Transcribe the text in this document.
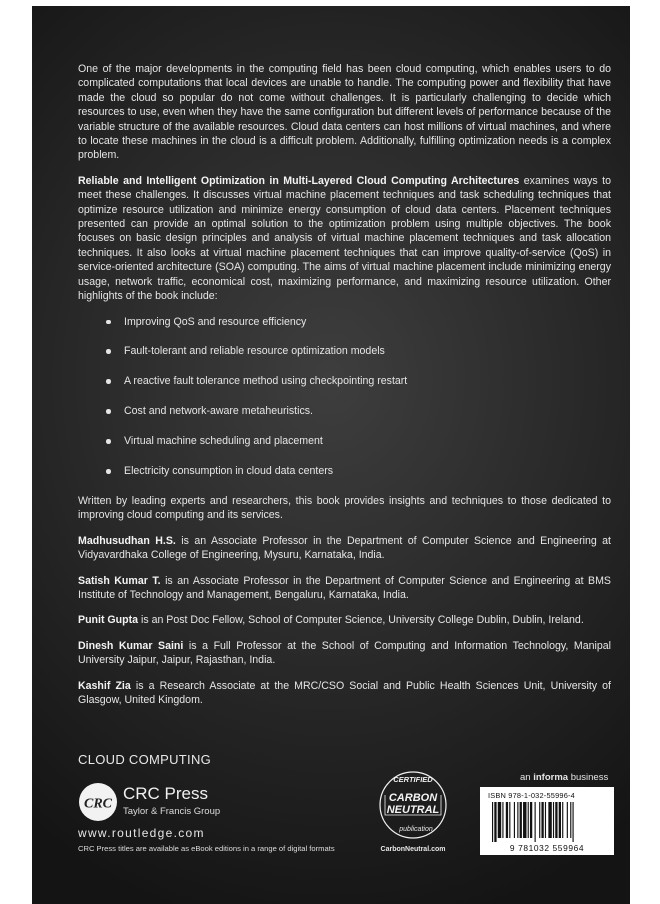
One of the major developments in the computing field has been cloud computing, which enables users to do complicated computations that local devices are unable to handle. The computing power and flexibility that have made the cloud so popular do not come without challenges. It is particularly challenging to decide which resources to use, even when they have the same configuration but different levels of performance because of the variable structure of the available resources. Cloud data centers can host millions of virtual machines, and where to locate these machines in the cloud is a difficult problem. Additionally, fulfilling optimization needs is a complex problem.

Reliable and Intelligent Optimization in Multi-Layered Cloud Computing Architectures examines ways to meet these challenges. It discusses virtual machine placement techniques and task scheduling techniques that optimize resource utilization and minimize energy consumption of cloud data centers. Placement techniques presented can provide an optimal solution to the optimization problem using multiple objectives. The book focuses on basic design principles and analysis of virtual machine placement techniques and task allocation techniques. It also looks at virtual machine placement techniques that can improve quality-of-service (QoS) in service-oriented architecture (SOA) computing. The aims of virtual machine placement include minimizing energy usage, network traffic, economical cost, maximizing performance, and maximizing resource utilization. Other highlights of the book include:

Improving QoS and resource efficiency
Fault-tolerant and reliable resource optimization models
A reactive fault tolerance method using checkpointing restart
Cost and network-aware metaheuristics.
Virtual machine scheduling and placement
Electricity consumption in cloud data centers

Written by leading experts and researchers, this book provides insights and techniques to those dedicated to improving cloud computing and its services.

Madhusudhan H.S. is an Associate Professor in the Department of Computer Science and Engineering at Vidyavardhaka College of Engineering, Mysuru, Karnataka, India.

Satish Kumar T. is an Associate Professor in the Department of Computer Science and Engineering at BMS Institute of Technology and Management, Bengaluru, Karnataka, India.

Punit Gupta is an Post Doc Fellow, School of Computer Science, University College Dublin, Dublin, Ireland.

Dinesh Kumar Saini is a Full Professor at the School of Computing and Information Technology, Manipal University Jaipur, Jaipur, Rajasthan, India.

Kashif Zia is a Research Associate at the MRC/CSO Social and Public Health Sciences Unit, University of Glasgow, United Kingdom.

CLOUD COMPUTING
CRC
CRC Press
Taylor & Francis Group
www.routledge.com
CRC Press titles are available as eBook editions in a range of digital formats
CERTIFIED
CARBON
NEUTRAL
publication
CarbonNeutral.com
an informa business
ISBN 978-1-032-55996-4
9 781032 559964
